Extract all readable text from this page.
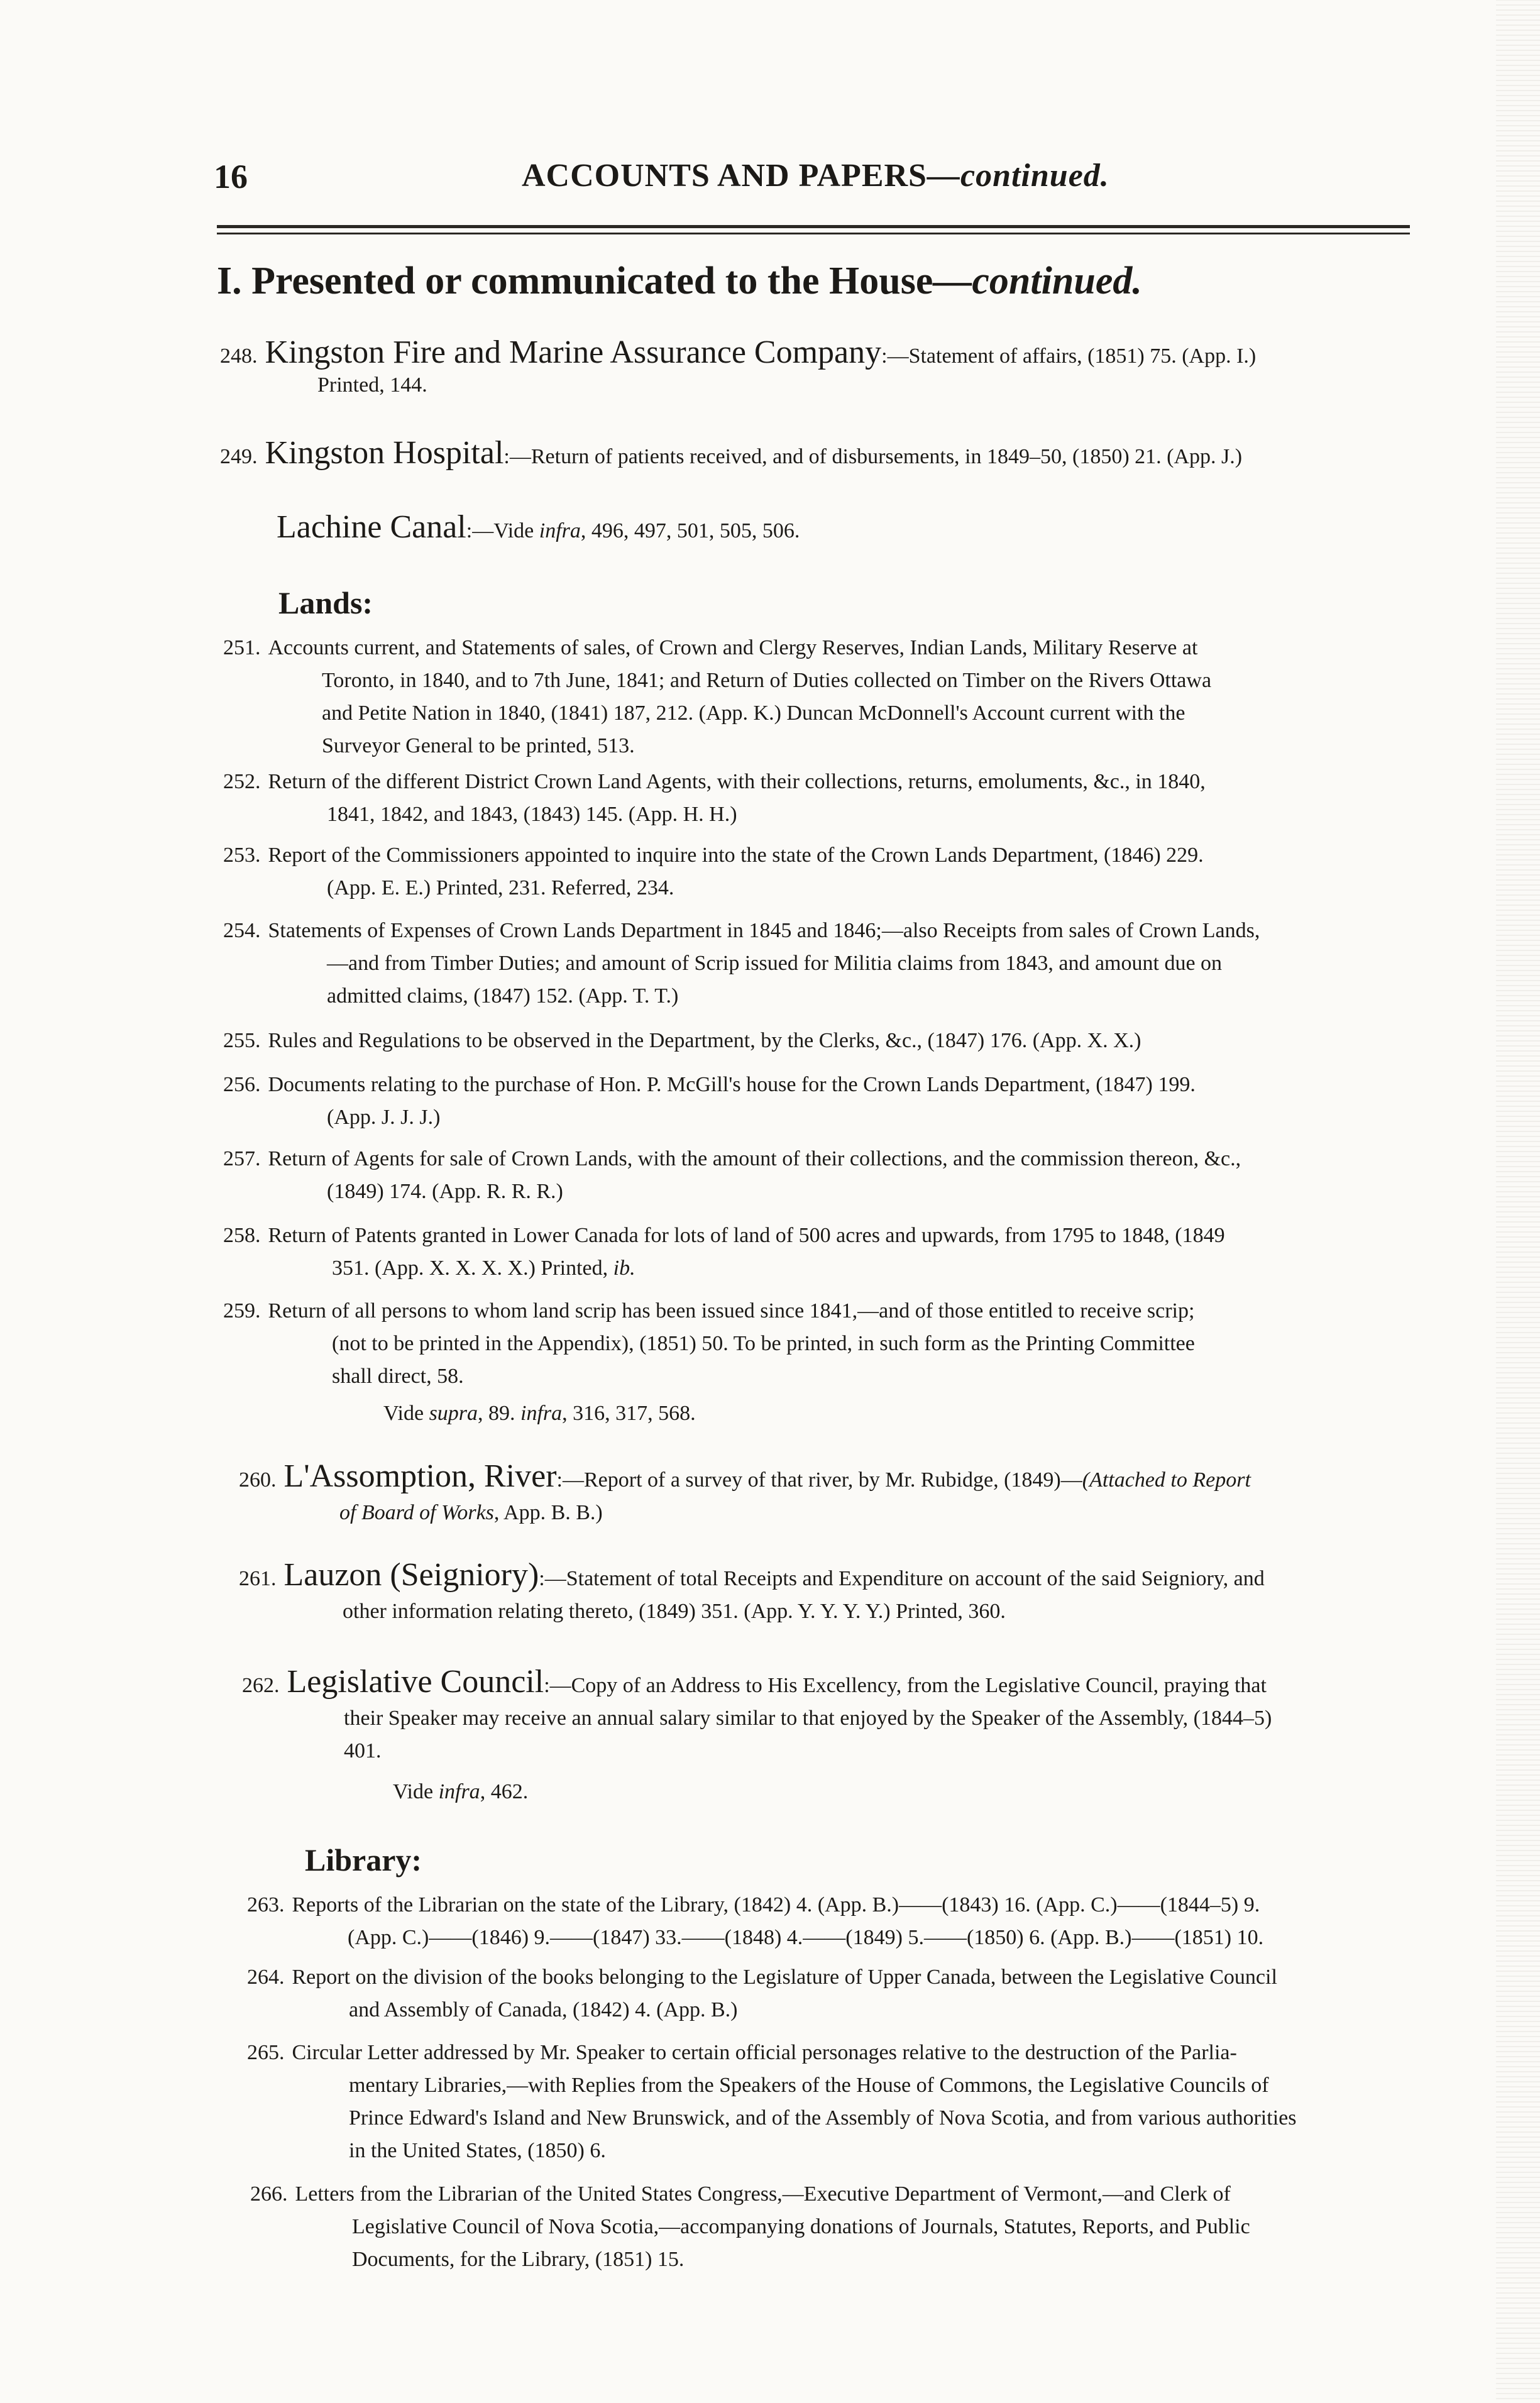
16	ACCOUNTS AND PAPERS—continued.
I. Presented or communicated to the House—continued.
248. Kingston Fire and Marine Assurance Company:—Statement of affairs, (1851) 75. (App. I.)
Printed, 144.
249. Kingston Hospital:—Return of patients received, and of disbursements, in 1849–50, (1850) 21. (App. J.)
Lachine Canal:—Vide infra, 496, 497, 501, 505, 506.
Lands:
251. Accounts current, and Statements of sales, of Crown and Clergy Reserves, Indian Lands, Military Reserve at
Toronto, in 1840, and to 7th June, 1841; and Return of Duties collected on Timber on the Rivers Ottawa
and Petite Nation in 1840, (1841) 187, 212. (App. K.) Duncan McDonnell's Account current with the
Surveyor General to be printed, 513.
252. Return of the different District Crown Land Agents, with their collections, returns, emoluments, &c., in 1840,
1841, 1842, and 1843, (1843) 145. (App. H. H.)
253. Report of the Commissioners appointed to inquire into the state of the Crown Lands Department, (1846) 229.
(App. E. E.) Printed, 231. Referred, 234.
254. Statements of Expenses of Crown Lands Department in 1845 and 1846;—also Receipts from sales of Crown Lands,
—and from Timber Duties; and amount of Scrip issued for Militia claims from 1843, and amount due on
admitted claims, (1847) 152. (App. T. T.)
255. Rules and Regulations to be observed in the Department, by the Clerks, &c., (1847) 176. (App. X. X.)
256. Documents relating to the purchase of Hon. P. McGill's house for the Crown Lands Department, (1847) 199.
(App. J. J. J.)
257. Return of Agents for sale of Crown Lands, with the amount of their collections, and the commission thereon, &c.,
(1849) 174. (App. R. R. R.)
258. Return of Patents granted in Lower Canada for lots of land of 500 acres and upwards, from 1795 to 1848, (1849
351. (App. X. X. X. X.) Printed, ib.
259. Return of all persons to whom land scrip has been issued since 1841,—and of those entitled to receive scrip;
(not to be printed in the Appendix), (1851) 50. To be printed, in such form as the Printing Committee
shall direct, 58.
Vide supra, 89. infra, 316, 317, 568.
260. L'Assomption, River:—Report of a survey of that river, by Mr. Rubidge, (1849)—(Attached to Report
of Board of Works, App. B. B.)
261. Lauzon (Seigniory):—Statement of total Receipts and Expenditure on account of the said Seigniory, and
other information relating thereto, (1849) 351. (App. Y. Y. Y. Y.) Printed, 360.
262. Legislative Council:—Copy of an Address to His Excellency, from the Legislative Council, praying that
their Speaker may receive an annual salary similar to that enjoyed by the Speaker of the Assembly, (1844–5)
401.
Vide infra, 462.
Library:
263. Reports of the Librarian on the state of the Library, (1842) 4. (App. B.)——(1843) 16. (App. C.)——(1844–5) 9.
(App. C.)——(1846) 9.——(1847) 33.——(1848) 4.——(1849) 5.——(1850) 6. (App. B.)——(1851) 10.
264. Report on the division of the books belonging to the Legislature of Upper Canada, between the Legislative Council
and Assembly of Canada, (1842) 4. (App. B.)
265. Circular Letter addressed by Mr. Speaker to certain official personages relative to the destruction of the Parlia-
mentary Libraries,—with Replies from the Speakers of the House of Commons, the Legislative Councils of
Prince Edward's Island and New Brunswick, and of the Assembly of Nova Scotia, and from various authorities
in the United States, (1850) 6.
266. Letters from the Librarian of the United States Congress,—Executive Department of Vermont,—and Clerk of
Legislative Council of Nova Scotia,—accompanying donations of Journals, Statutes, Reports, and Public
Documents, for the Library, (1851) 15.
